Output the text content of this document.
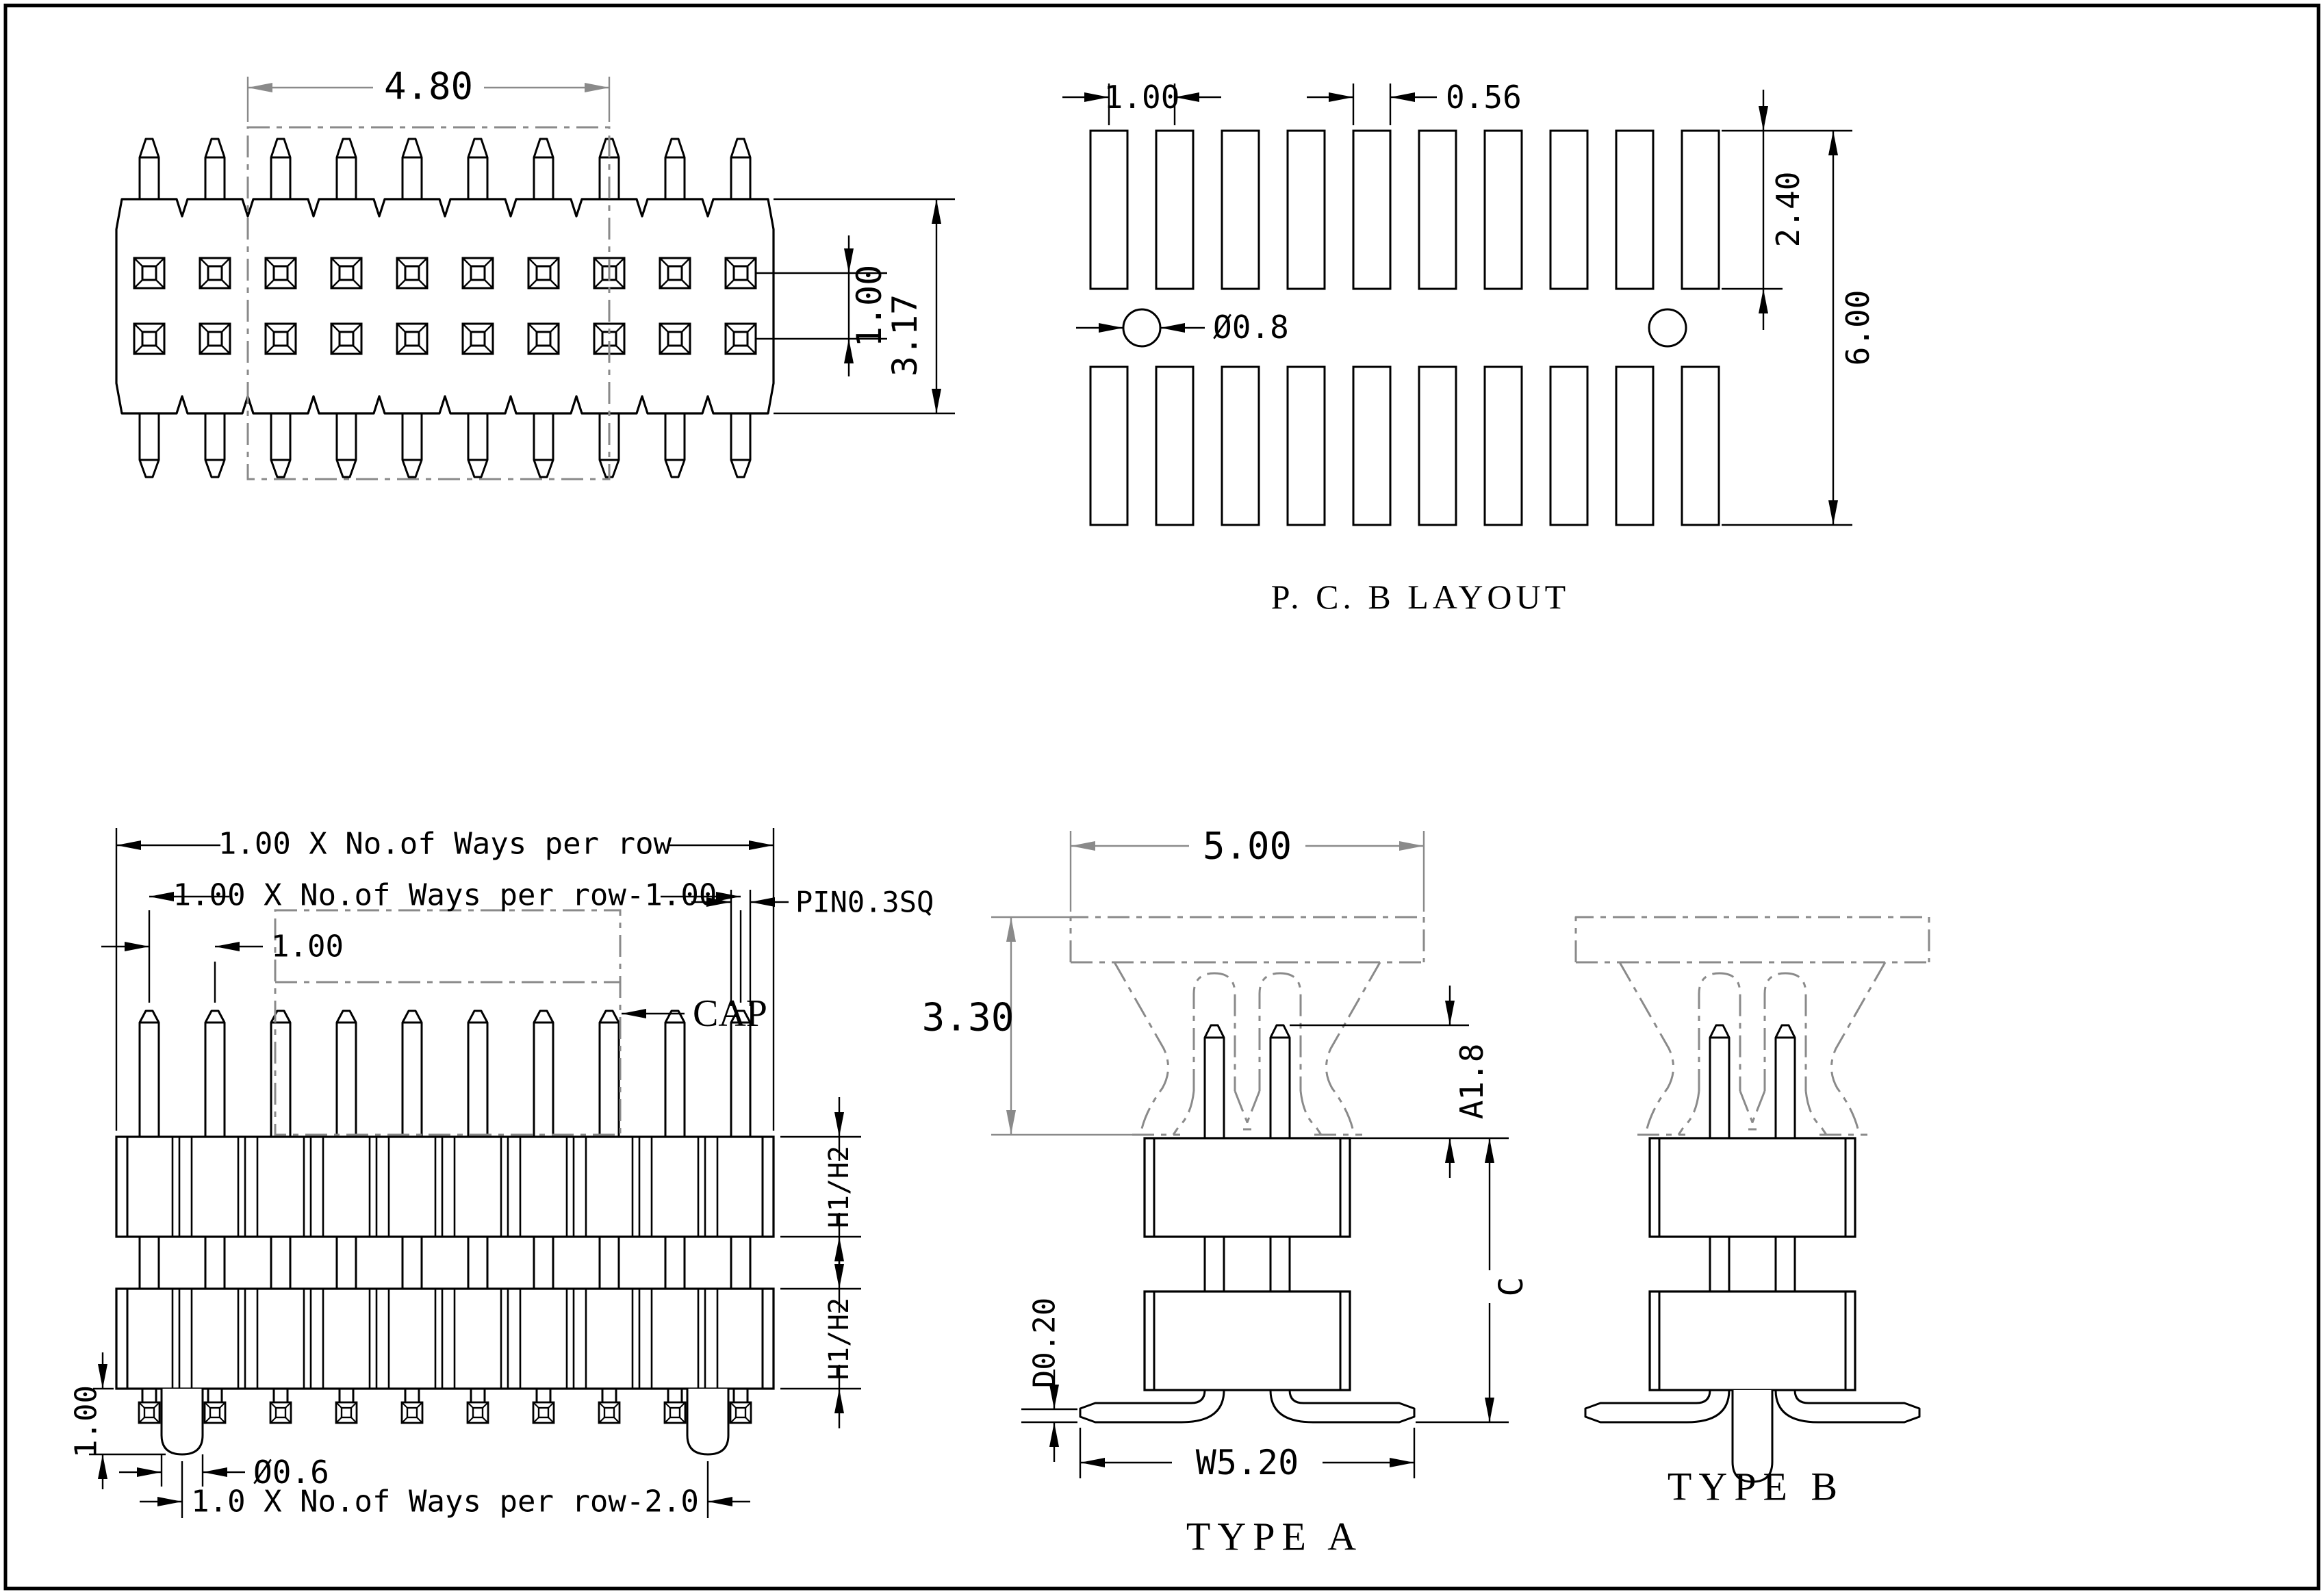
4.80
1.00
3.17
1.00	0.56
Ø0.8
2.40
6.00
P. C. B LAYOUT
1.00 X No.of Ways per row
1.00 X No.of Ways per row-1.00
1.00
PIN0.3SQ
CAP
H1/H2
H1/H2
1.00
Ø0.6
1.0 X No.of Ways per row-2.0
5.00
3.30
A1.8
C
D0.20
W5.20
TYPE A
TYPE B
